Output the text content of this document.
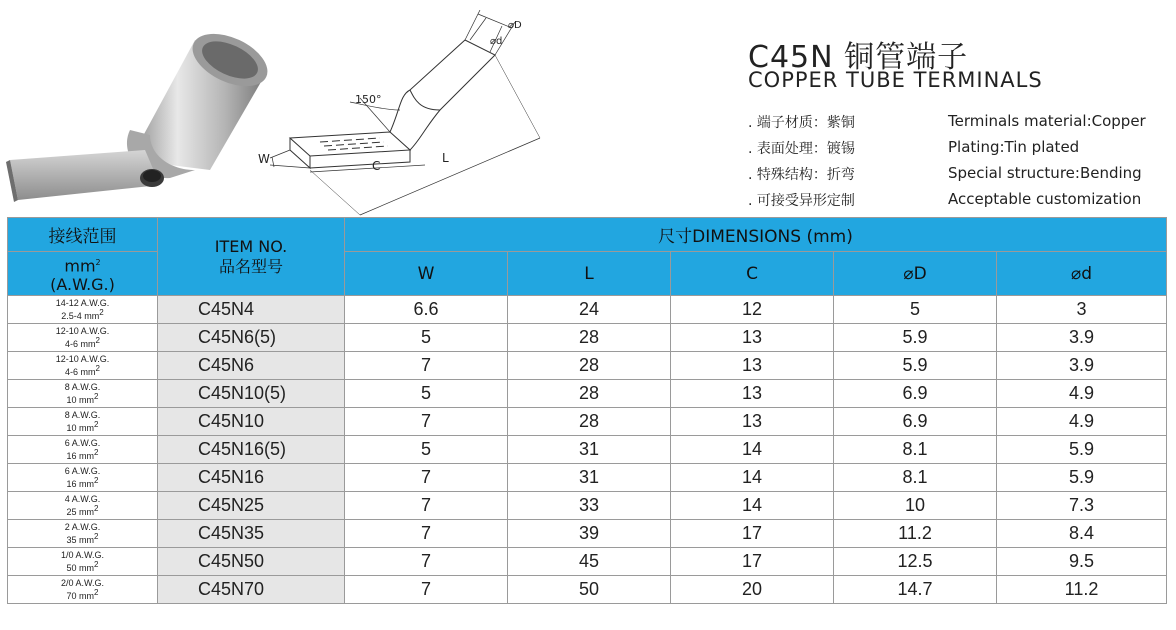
150°
W	C
L
⌀D
⌀d	C45N 铜管端子
COPPER TUBE TERMINALS
. 端子材质：紫铜
. 表面处理：镀锡
. 特殊结构：折弯
. 可接受异形定制
Terminals material:Copper
Plating:Tin plated
Special structure:Bending
Acceptable customization
接线范围	ITEM NO.
品名型号	尺寸DIMENSIONS (mm)				

$mm^2$
(A.W.G.)		W	L	C	⌀D	⌀d

14-12 A.W.G.
2.5-4 mm2	C45N4	6.6	24	12	5	3

12-10 A.W.G.
4-6 mm2	C45N6(5)	5	28	13	5.9	3.9

12-10 A.W.G.
4-6 mm2	C45N6	7	28	13	5.9	3.9

8 A.W.G.
10 mm2	C45N10(5)	5	28	13	6.9	4.9

8 A.W.G.
10 mm2	C45N10	7	28	13	6.9	4.9

6 A.W.G.
16 mm2	C45N16(5)	5	31	14	8.1	5.9

6 A.W.G.
16 mm2	C45N16	7	31	14	8.1	5.9

4 A.W.G.
25 mm2	C45N25	7	33	14	10	7.3

2 A.W.G.
35 mm2	C45N35	7	39	17	11.2	8.4

1/0 A.W.G.
50 mm2	C45N50	7	45	17	12.5	9.5

2/0 A.W.G.
70 mm2	C45N70	7	50	20	14.7	11.2
